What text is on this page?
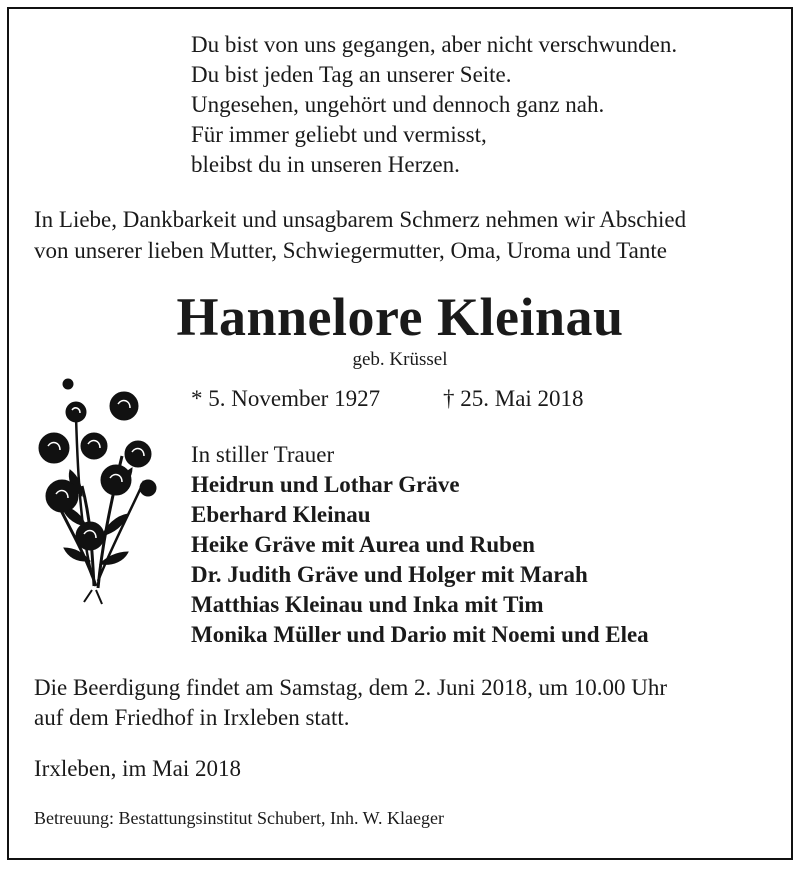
Du bist von uns gegangen, aber nicht verschwunden.
Du bist jeden Tag an unserer Seite.
Ungesehen, ungehört und dennoch ganz nah.
Für immer geliebt und vermisst,
bleibst du in unseren Herzen.
In Liebe, Dankbarkeit und unsagbarem Schmerz nehmen wir Abschied
von unserer lieben Mutter, Schwiegermutter, Oma, Uroma und Tante
Hannelore Kleinau
geb. Krüssel
* 5. November 1927	† 25. Mai 2018
In stiller Trauer
Heidrun und Lothar Gräve
Eberhard Kleinau
Heike Gräve mit Aurea und Ruben
Dr. Judith Gräve und Holger mit Marah
Matthias Kleinau und Inka mit Tim
Monika Müller und Dario mit Noemi und Elea
Die Beerdigung findet am Samstag, dem 2. Juni 2018, um 10.00 Uhr
auf dem Friedhof in Irxleben statt.
Irxleben, im Mai 2018
Betreuung: Bestattungsinstitut Schubert, Inh. W. Klaeger
